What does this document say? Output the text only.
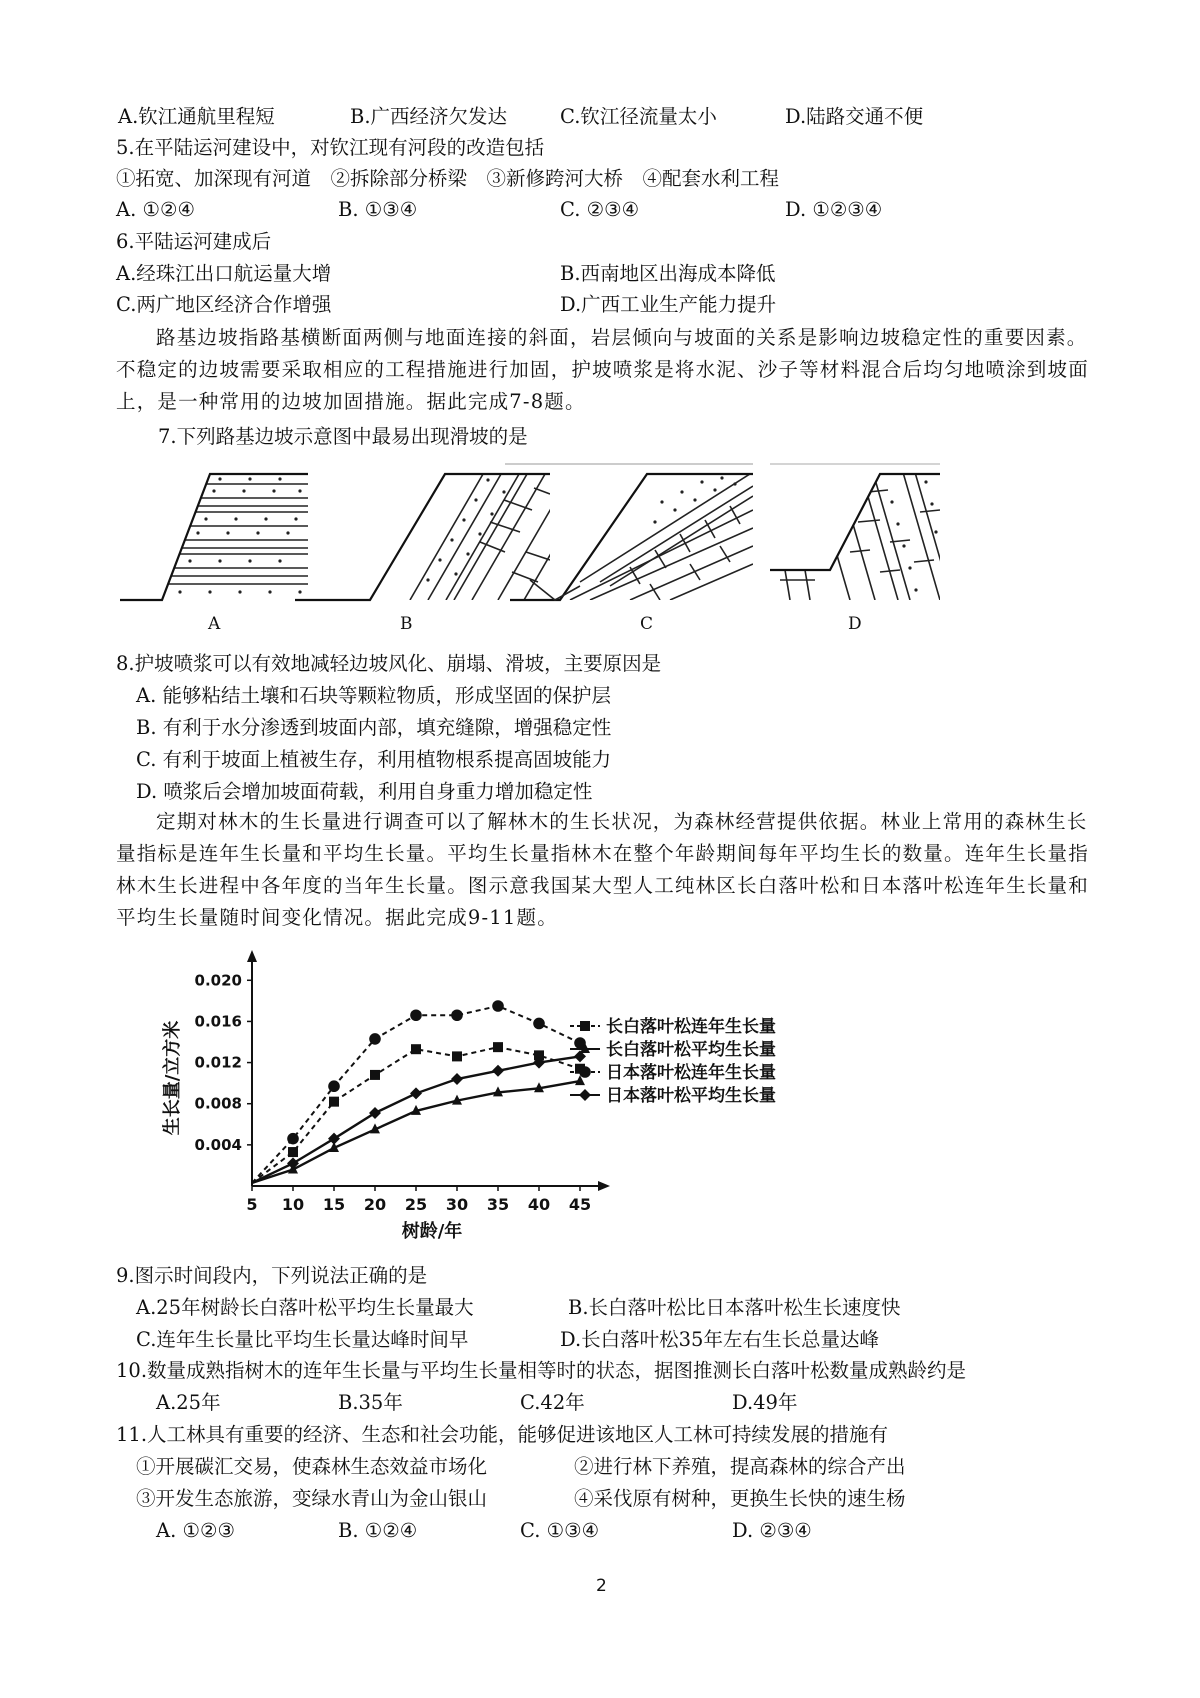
A.钦江通航里程短	B.广西经济欠发达	C.钦江径流量太小	D.陆路交通不便
5.在平陆运河建设中，对钦江现有河段的改造包括
①拓宽、加深现有河道　②拆除部分桥梁　③新修跨河大桥　④配套水利工程
A. ①②④	B. ①③④	C. ②③④	D. ①②③④
6.平陆运河建成后
A.经珠江出口航运量大增	B.西南地区出海成本降低
C.两广地区经济合作增强	D.广西工业生产能力提升
路基边坡指路基横断面两侧与地面连接的斜面，岩层倾向与坡面的关系是影响边坡稳定性的重要因素。不稳定的边坡需要采取相应的工程措施进行加固，护坡喷浆是将水泥、沙子等材料混合后均匀地喷涂到坡面上，是一种常用的边坡加固措施。据此完成7-8题。
7.下列路基边坡示意图中最易出现滑坡的是
A	B	C	D
8.护坡喷浆可以有效地减轻边坡风化、崩塌、滑坡，主要原因是
A. 能够粘结土壤和石块等颗粒物质，形成坚固的保护层
B. 有利于水分渗透到坡面内部，填充缝隙，增强稳定性
C. 有利于坡面上植被生存，利用植物根系提高固坡能力
D. 喷浆后会增加坡面荷载，利用自身重力增加稳定性
定期对林木的生长量进行调查可以了解林木的生长状况，为森林经营提供依据。林业上常用的森林生长量指标是连年生长量和平均生长量。平均生长量指林木在整个年龄期间每年平均生长的数量。连年生长量指林木生长进程中各年度的当年生长量。图示意我国某大型人工纯林区长白落叶松和日本落叶松连年生长量和平均生长量随时间变化情况。据此完成9-11题。
5 10 15 20 25 30 35 40 45
0.004
0.008
0.012
0.016
0.020
长白落叶松连年生长量
长白落叶松平均生长量
日本落叶松连年生长量
日本落叶松平均生长量
树龄/年
生长量/立方米
9.图示时间段内，下列说法正确的是
A.25年树龄长白落叶松平均生长量最大	B.长白落叶松比日本落叶松生长速度快
C.连年生长量比平均生长量达峰时间早	D.长白落叶松35年左右生长总量达峰
10.数量成熟指树木的连年生长量与平均生长量相等时的状态，据图推测长白落叶松数量成熟龄约是
A.25年	B.35年	C.42年	D.49年
11.人工林具有重要的经济、生态和社会功能，能够促进该地区人工林可持续发展的措施有
①开展碳汇交易，使森林生态效益市场化	②进行林下养殖，提高森林的综合产出
③开发生态旅游，变绿水青山为金山银山	④采伐原有树种，更换生长快的速生杨
A. ①②③	B. ①②④	C. ①③④	D. ②③④
2
